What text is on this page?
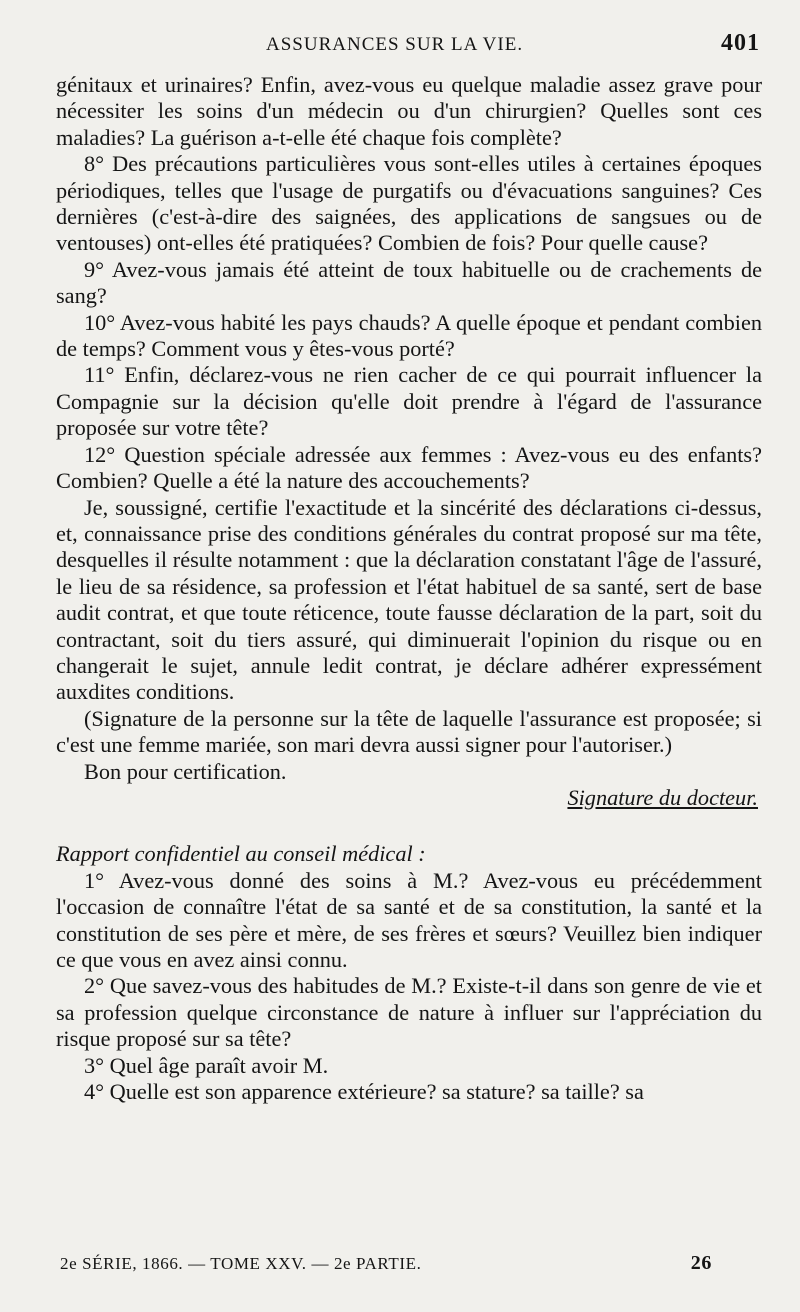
ASSURANCES SUR LA VIE.	401

génitaux et urinaires? Enfin, avez-vous eu quelque maladie assez grave pour nécessiter les soins d'un médecin ou d'un chirurgien? Quelles sont ces maladies? La guérison a-t-elle été chaque fois complète?

8° Des précautions particulières vous sont-elles utiles à certaines époques périodiques, telles que l'usage de purgatifs ou d'évacuations sanguines? Ces dernières (c'est-à-dire des saignées, des applications de sangsues ou de ventouses) ont-elles été pratiquées? Combien de fois? Pour quelle cause?

9° Avez-vous jamais été atteint de toux habituelle ou de crachements de sang?

10° Avez-vous habité les pays chauds? A quelle époque et pendant combien de temps? Comment vous y êtes-vous porté?

11° Enfin, déclarez-vous ne rien cacher de ce qui pourrait influencer la Compagnie sur la décision qu'elle doit prendre à l'égard de l'assurance proposée sur votre tête?

12° Question spéciale adressée aux femmes : Avez-vous eu des enfants? Combien? Quelle a été la nature des accouchements?

Je, soussigné, certifie l'exactitude et la sincérité des déclarations ci-dessus, et, connaissance prise des conditions générales du contrat proposé sur ma tête, desquelles il résulte notamment : que la déclaration constatant l'âge de l'assuré, le lieu de sa résidence, sa profession et l'état habituel de sa santé, sert de base audit contrat, et que toute réticence, toute fausse déclaration de la part, soit du contractant, soit du tiers assuré, qui diminuerait l'opinion du risque ou en changerait le sujet, annule ledit contrat, je déclare adhérer expressément auxdites conditions.

(Signature de la personne sur la tête de laquelle l'assurance est proposée; si c'est une femme mariée, son mari devra aussi signer pour l'autoriser.)

Bon pour certification.

Signature du docteur.

Rapport confidentiel au conseil médical :

1° Avez-vous donné des soins à M.? Avez-vous eu précédemment l'occasion de connaître l'état de sa santé et de sa constitution, la santé et la constitution de ses père et mère, de ses frères et sœurs? Veuillez bien indiquer ce que vous en avez ainsi connu.

2° Que savez-vous des habitudes de M.? Existe-t-il dans son genre de vie et sa profession quelque circonstance de nature à influer sur l'appréciation du risque proposé sur sa tête?

3° Quel âge paraît avoir M.

4° Quelle est son apparence extérieure? sa stature? sa taille? sa

2e SÉRIE, 1866. — TOME XXV. — 2e PARTIE.	26
